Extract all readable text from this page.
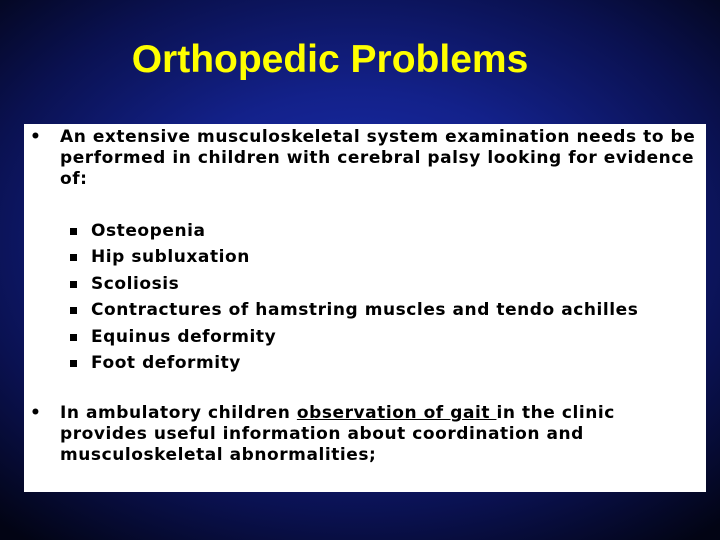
Orthopedic Problems

• An extensive musculoskeletal system examination needs to be performed in children with cerebral palsy looking for evidence of:

Osteopenia
Hip subluxation
Scoliosis
Contractures of hamstring muscles and tendo achilles
Equinus deformity
Foot deformity

• In ambulatory children observation of gait in the clinic provides useful information about coordination and musculoskeletal abnormalities;
